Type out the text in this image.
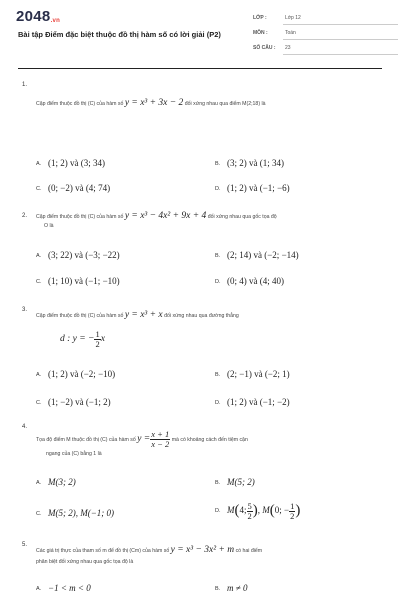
$2048_{.vn}$
Bài tập Điểm đặc biệt thuộc đồ thị hàm số có lời giải (P2)
LỚP :	Lớp 12
MÔN :	Toán
SỐ CÂU : 23
1.
Cặp điểm thuộc đồ thị (C) của hàm số y = x³ + 3x − 2 đối xứng nhau qua điểm M(2;18) là
A. (1; 2) và (3; 34)	B. (3; 2) và (1; 34)
C. (0; −2) và (4; 74)	D. (1; 2) và (−1; −6)
2. Cặp điểm thuộc đồ thị (C) của hàm số y = x³ − 4x² + 9x + 4 đối xứng nhau qua gốc tọa độ
O là
A. (3; 22) và (−3; −22)	B. (2; 14) và (−2; −14)
C. (1; 10) và (−1; −10)	D. (0; 4) và (4; 40)
3.
Cặp điểm thuộc đồ thị (C) của hàm số y = x³ + x đối xứng nhau qua đường thẳng
d : y = − $\frac{1}{2}$ x
A. (1; 2) và (−2; −10)	B. (2; −1) và (−2; 1)
C. (1; −2) và (−1; 2)	D. (1; 2) và (−1; −2)
4.
Tọa độ điểm M thuộc đồ thị (C) của hàm số $y = \frac{x + 1}{x - 2}$ mà có khoảng cách đến tiệm cận
ngang của (C) bằng 1 là
A. M(3; 2)	B. M(5; 2)
C. M(5; 2), M(−1; 0)	D. M(4; $\frac{5}{2}$ ), M(0; − $\frac{1}{2}$ )
5.
Các giá trị thực của tham số m để đồ thị (Cm) của hàm số y = x³ − 3x² + m có hai điểm
phân biệt đối xứng nhau qua gốc tọa độ là
A. −1 < m < 0	B. m ≠ 0
